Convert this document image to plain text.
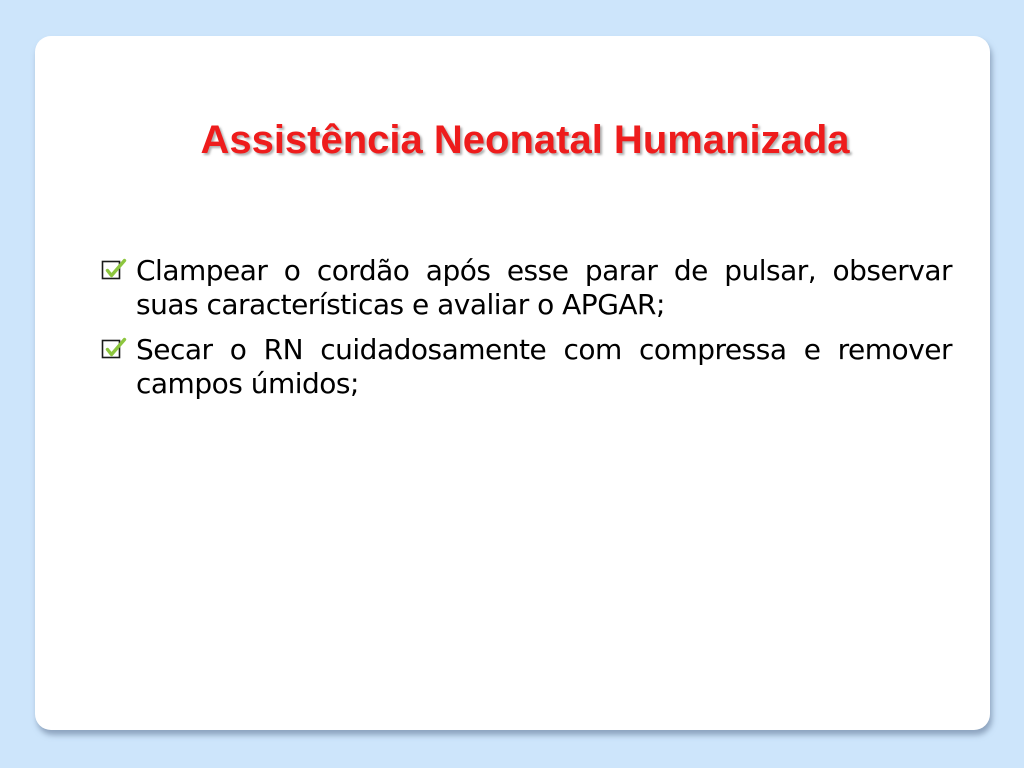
Assistência Neonatal Humanizada
Clampear o cordão após esse parar de pulsar, observar suas características e avaliar o APGAR;
Secar o RN cuidadosamente com compressa e remover campos úmidos;
